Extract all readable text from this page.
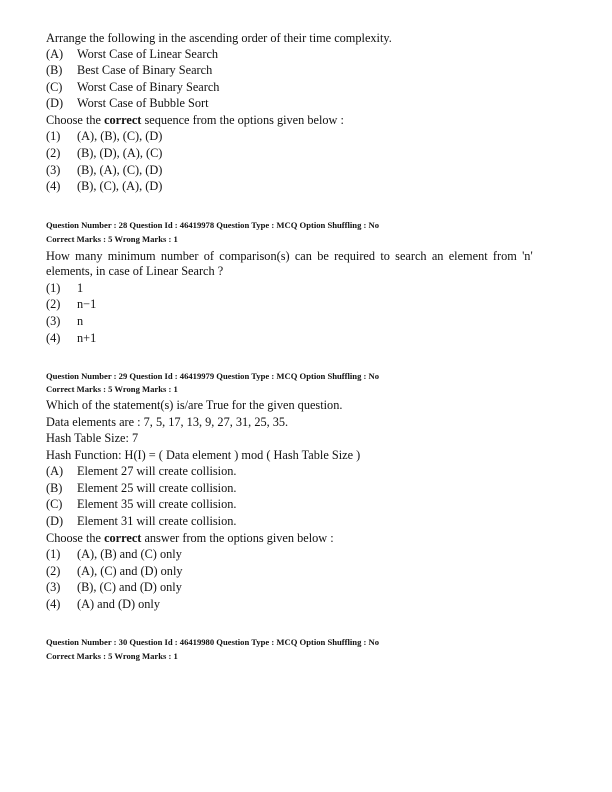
Arrange the following in the ascending order of their time complexity.
(A) Worst Case of Linear Search
(B) Best Case of Binary Search
(C) Worst Case of Binary Search
(D) Worst Case of Bubble Sort
Choose the correct sequence from the options given below :
(1) (A), (B), (C), (D)
(2) (B), (D), (A), (C)
(3) (B), (A), (C), (D)
(4) (B), (C), (A), (D)
Question Number : 28 Question Id : 46419978 Question Type : MCQ Option Shuffling : No
Correct Marks : 5 Wrong Marks : 1
How many minimum number of comparison(s) can be required to search an element from 'n'
elements, in case of Linear Search ?
(1) 1
(2) n−1
(3) n
(4) n+1
Question Number : 29 Question Id : 46419979 Question Type : MCQ Option Shuffling : No
Correct Marks : 5 Wrong Marks : 1
Which of the statement(s) is/are True for the given question.
Data elements are : 7, 5, 17, 13, 9, 27, 31, 25, 35.
Hash Table Size: 7
Hash Function: H(I) = ( Data element ) mod ( Hash Table Size )
(A) Element 27 will create collision.
(B) Element 25 will create collision.
(C) Element 35 will create collision.
(D) Element 31 will create collision.
Choose the correct answer from the options given below :
(1) (A), (B) and (C) only
(2) (A), (C) and (D) only
(3) (B), (C) and (D) only
(4) (A) and (D) only
Question Number : 30 Question Id : 46419980 Question Type : MCQ Option Shuffling : No
Correct Marks : 5 Wrong Marks : 1
